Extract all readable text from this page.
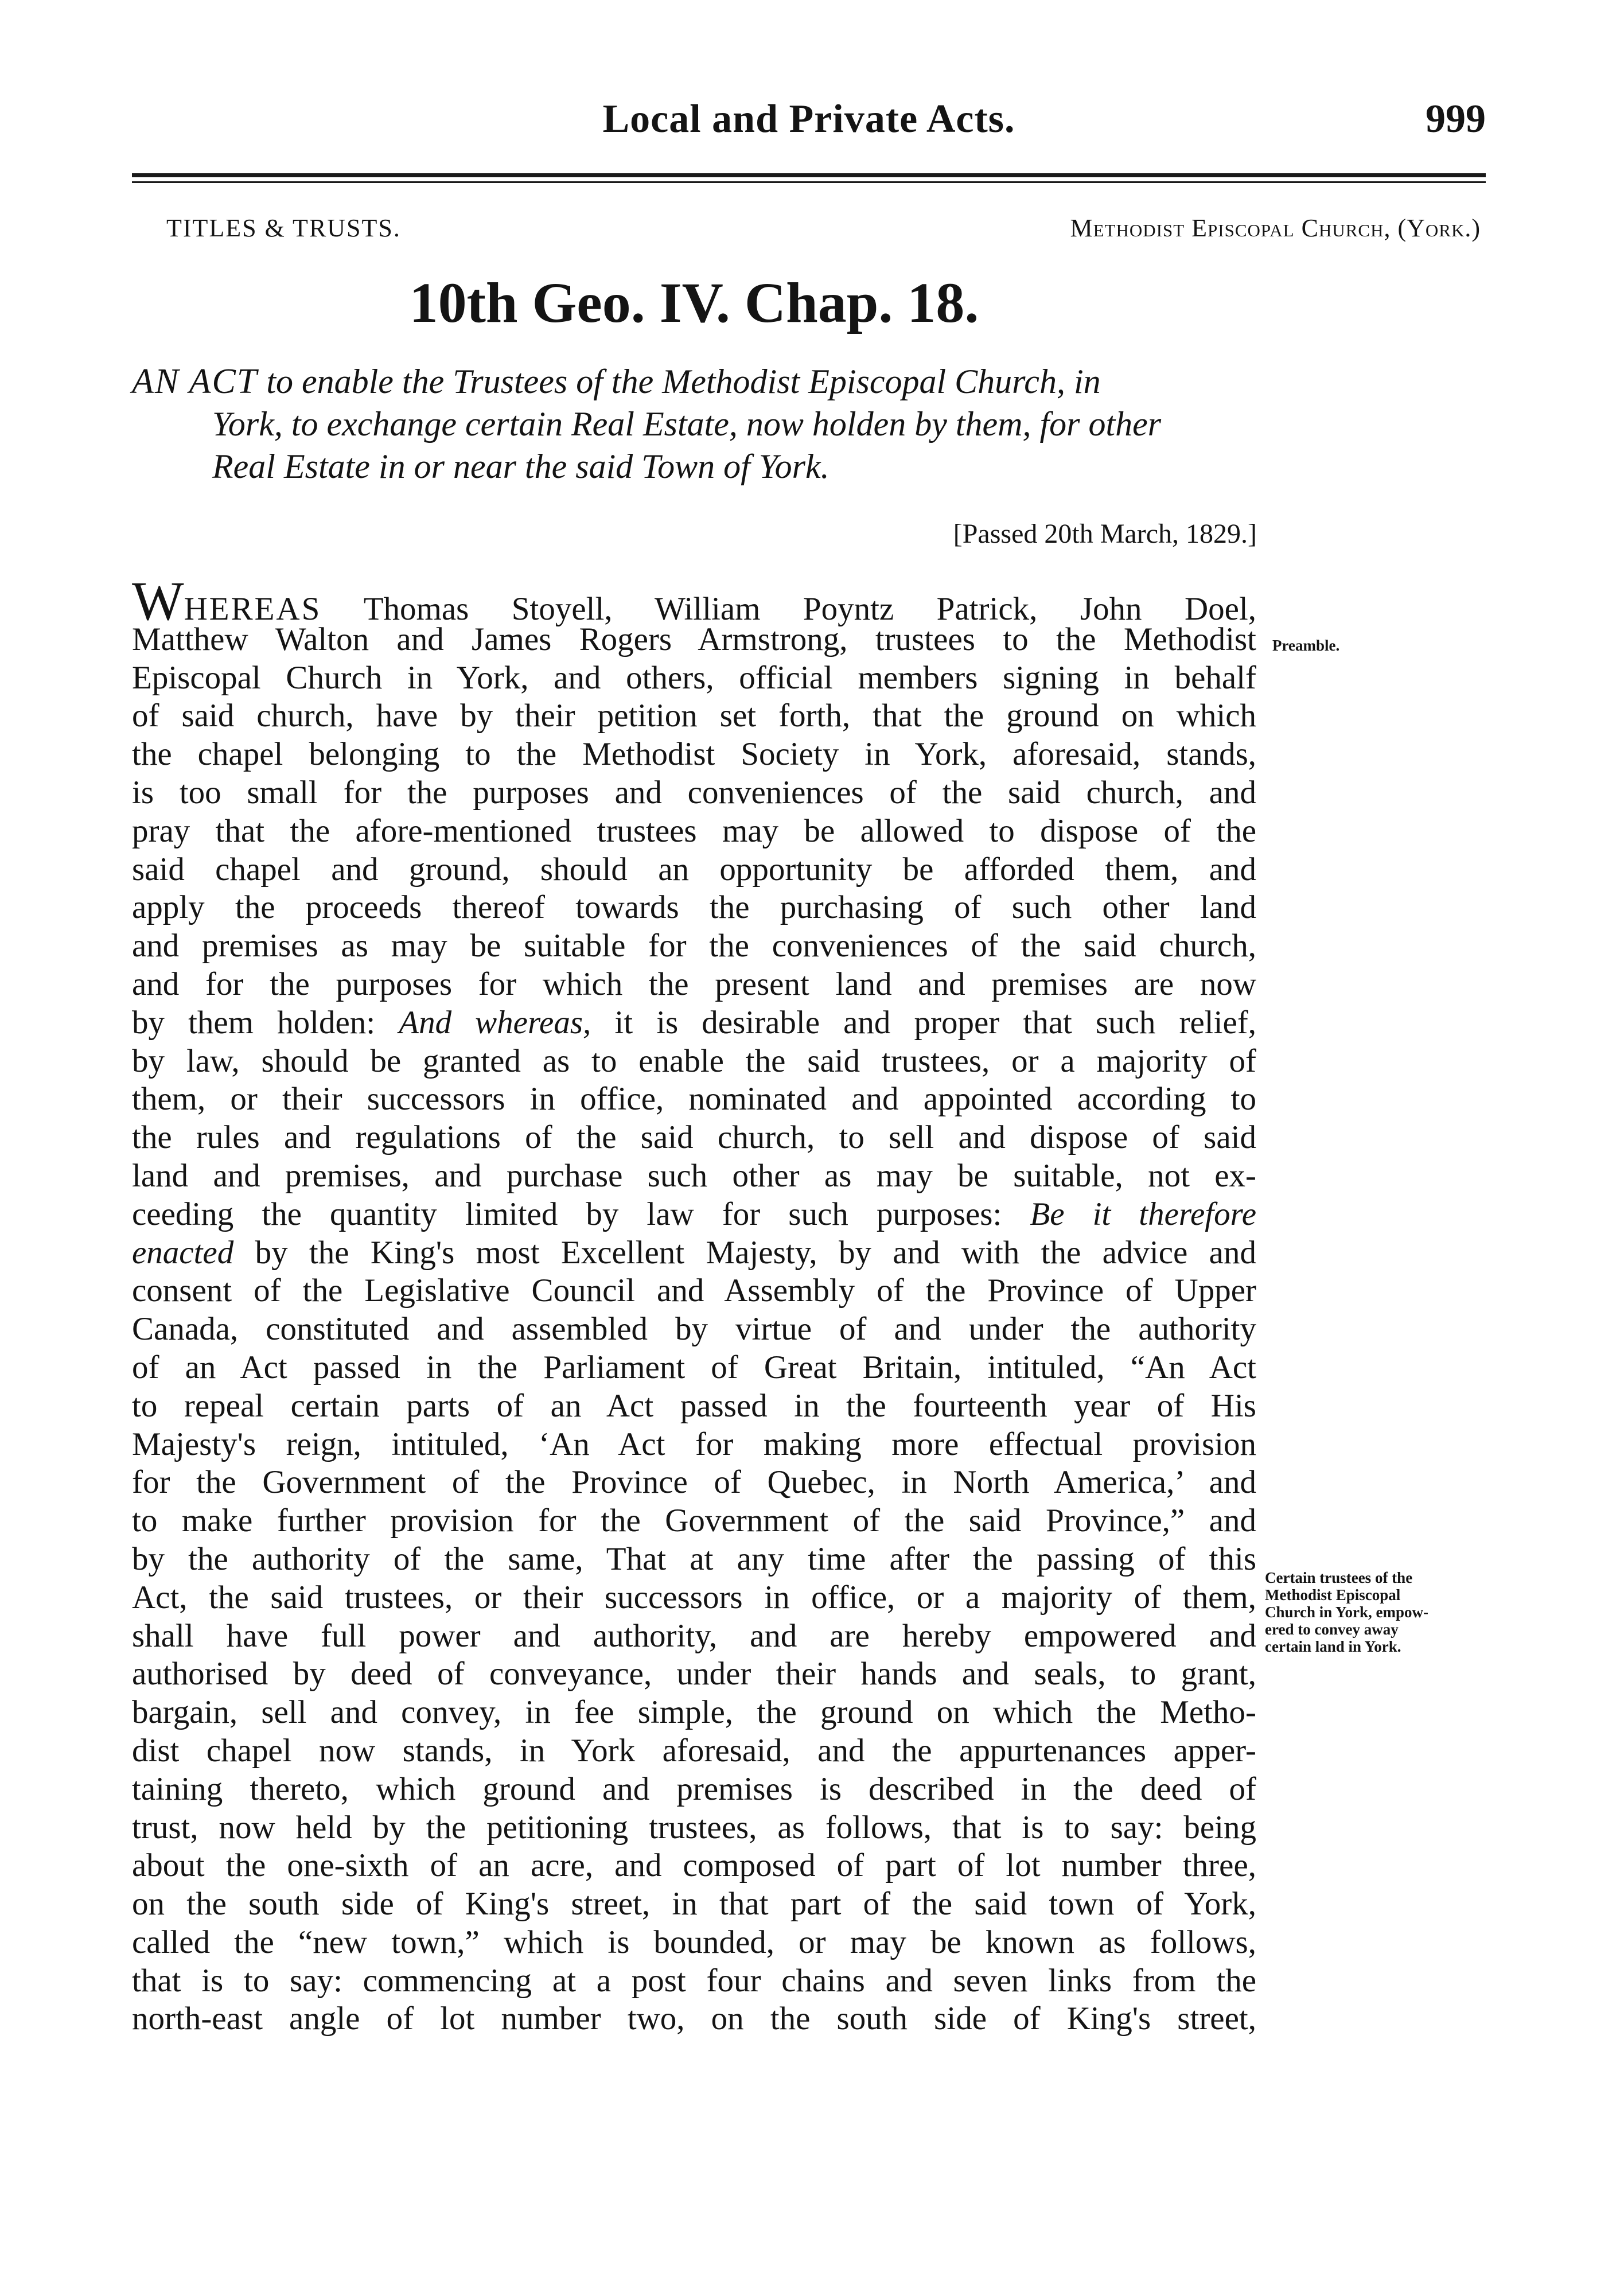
Local and Private Acts.	999
TITLES & TRUSTS.	Methodist Episcopal Church, (York.)
10th Geo. IV. Chap. 18.
AN ACT to enable the Trustees of the Methodist Episcopal Church, in
York, to exchange certain Real Estate, now holden by them, for other
Real Estate in or near the said Town of York.
[Passed 20th March, 1829.]
Preamble.
Certain trustees of the
Methodist Episcopal
Church in York, empow-
ered to convey away
certain land in York.
WHEREAS Thomas Stoyell, William Poyntz Patrick, John Doel,
Matthew Walton and James Rogers Armstrong, trustees to the Methodist
Episcopal Church in York, and others, official members signing in behalf
of said church, have by their petition set forth, that the ground on which
the chapel belonging to the Methodist Society in York, aforesaid, stands,
is too small for the purposes and conveniences of the said church, and
pray that the afore-mentioned trustees may be allowed to dispose of the
said chapel and ground, should an opportunity be afforded them, and
apply the proceeds thereof towards the purchasing of such other land
and premises as may be suitable for the conveniences of the said church,
and for the purposes for which the present land and premises are now
by them holden: And whereas, it is desirable and proper that such relief,
by law, should be granted as to enable the said trustees, or a majority of
them, or their successors in office, nominated and appointed according to
the rules and regulations of the said church, to sell and dispose of said
land and premises, and purchase such other as may be suitable, not ex-
ceeding the quantity limited by law for such purposes: Be it therefore
enacted by the King's most Excellent Majesty, by and with the advice and
consent of the Legislative Council and Assembly of the Province of Upper
Canada, constituted and assembled by virtue of and under the authority
of an Act passed in the Parliament of Great Britain, intituled, “An Act
to repeal certain parts of an Act passed in the fourteenth year of His
Majesty's reign, intituled, ‘An Act for making more effectual provision
for the Government of the Province of Quebec, in North America,’ and
to make further provision for the Government of the said Province,” and
by the authority of the same, That at any time after the passing of this
Act, the said trustees, or their successors in office, or a majority of them,
shall have full power and authority, and are hereby empowered and
authorised by deed of conveyance, under their hands and seals, to grant,
bargain, sell and convey, in fee simple, the ground on which the Metho-
dist chapel now stands, in York aforesaid, and the appurtenances apper-
taining thereto, which ground and premises is described in the deed of
trust, now held by the petitioning trustees, as follows, that is to say: being
about the one-sixth of an acre, and composed of part of lot number three,
on the south side of King's street, in that part of the said town of York,
called the “new town,” which is bounded, or may be known as follows,
that is to say: commencing at a post four chains and seven links from the
north-east angle of lot number two, on the south side of King's street,
